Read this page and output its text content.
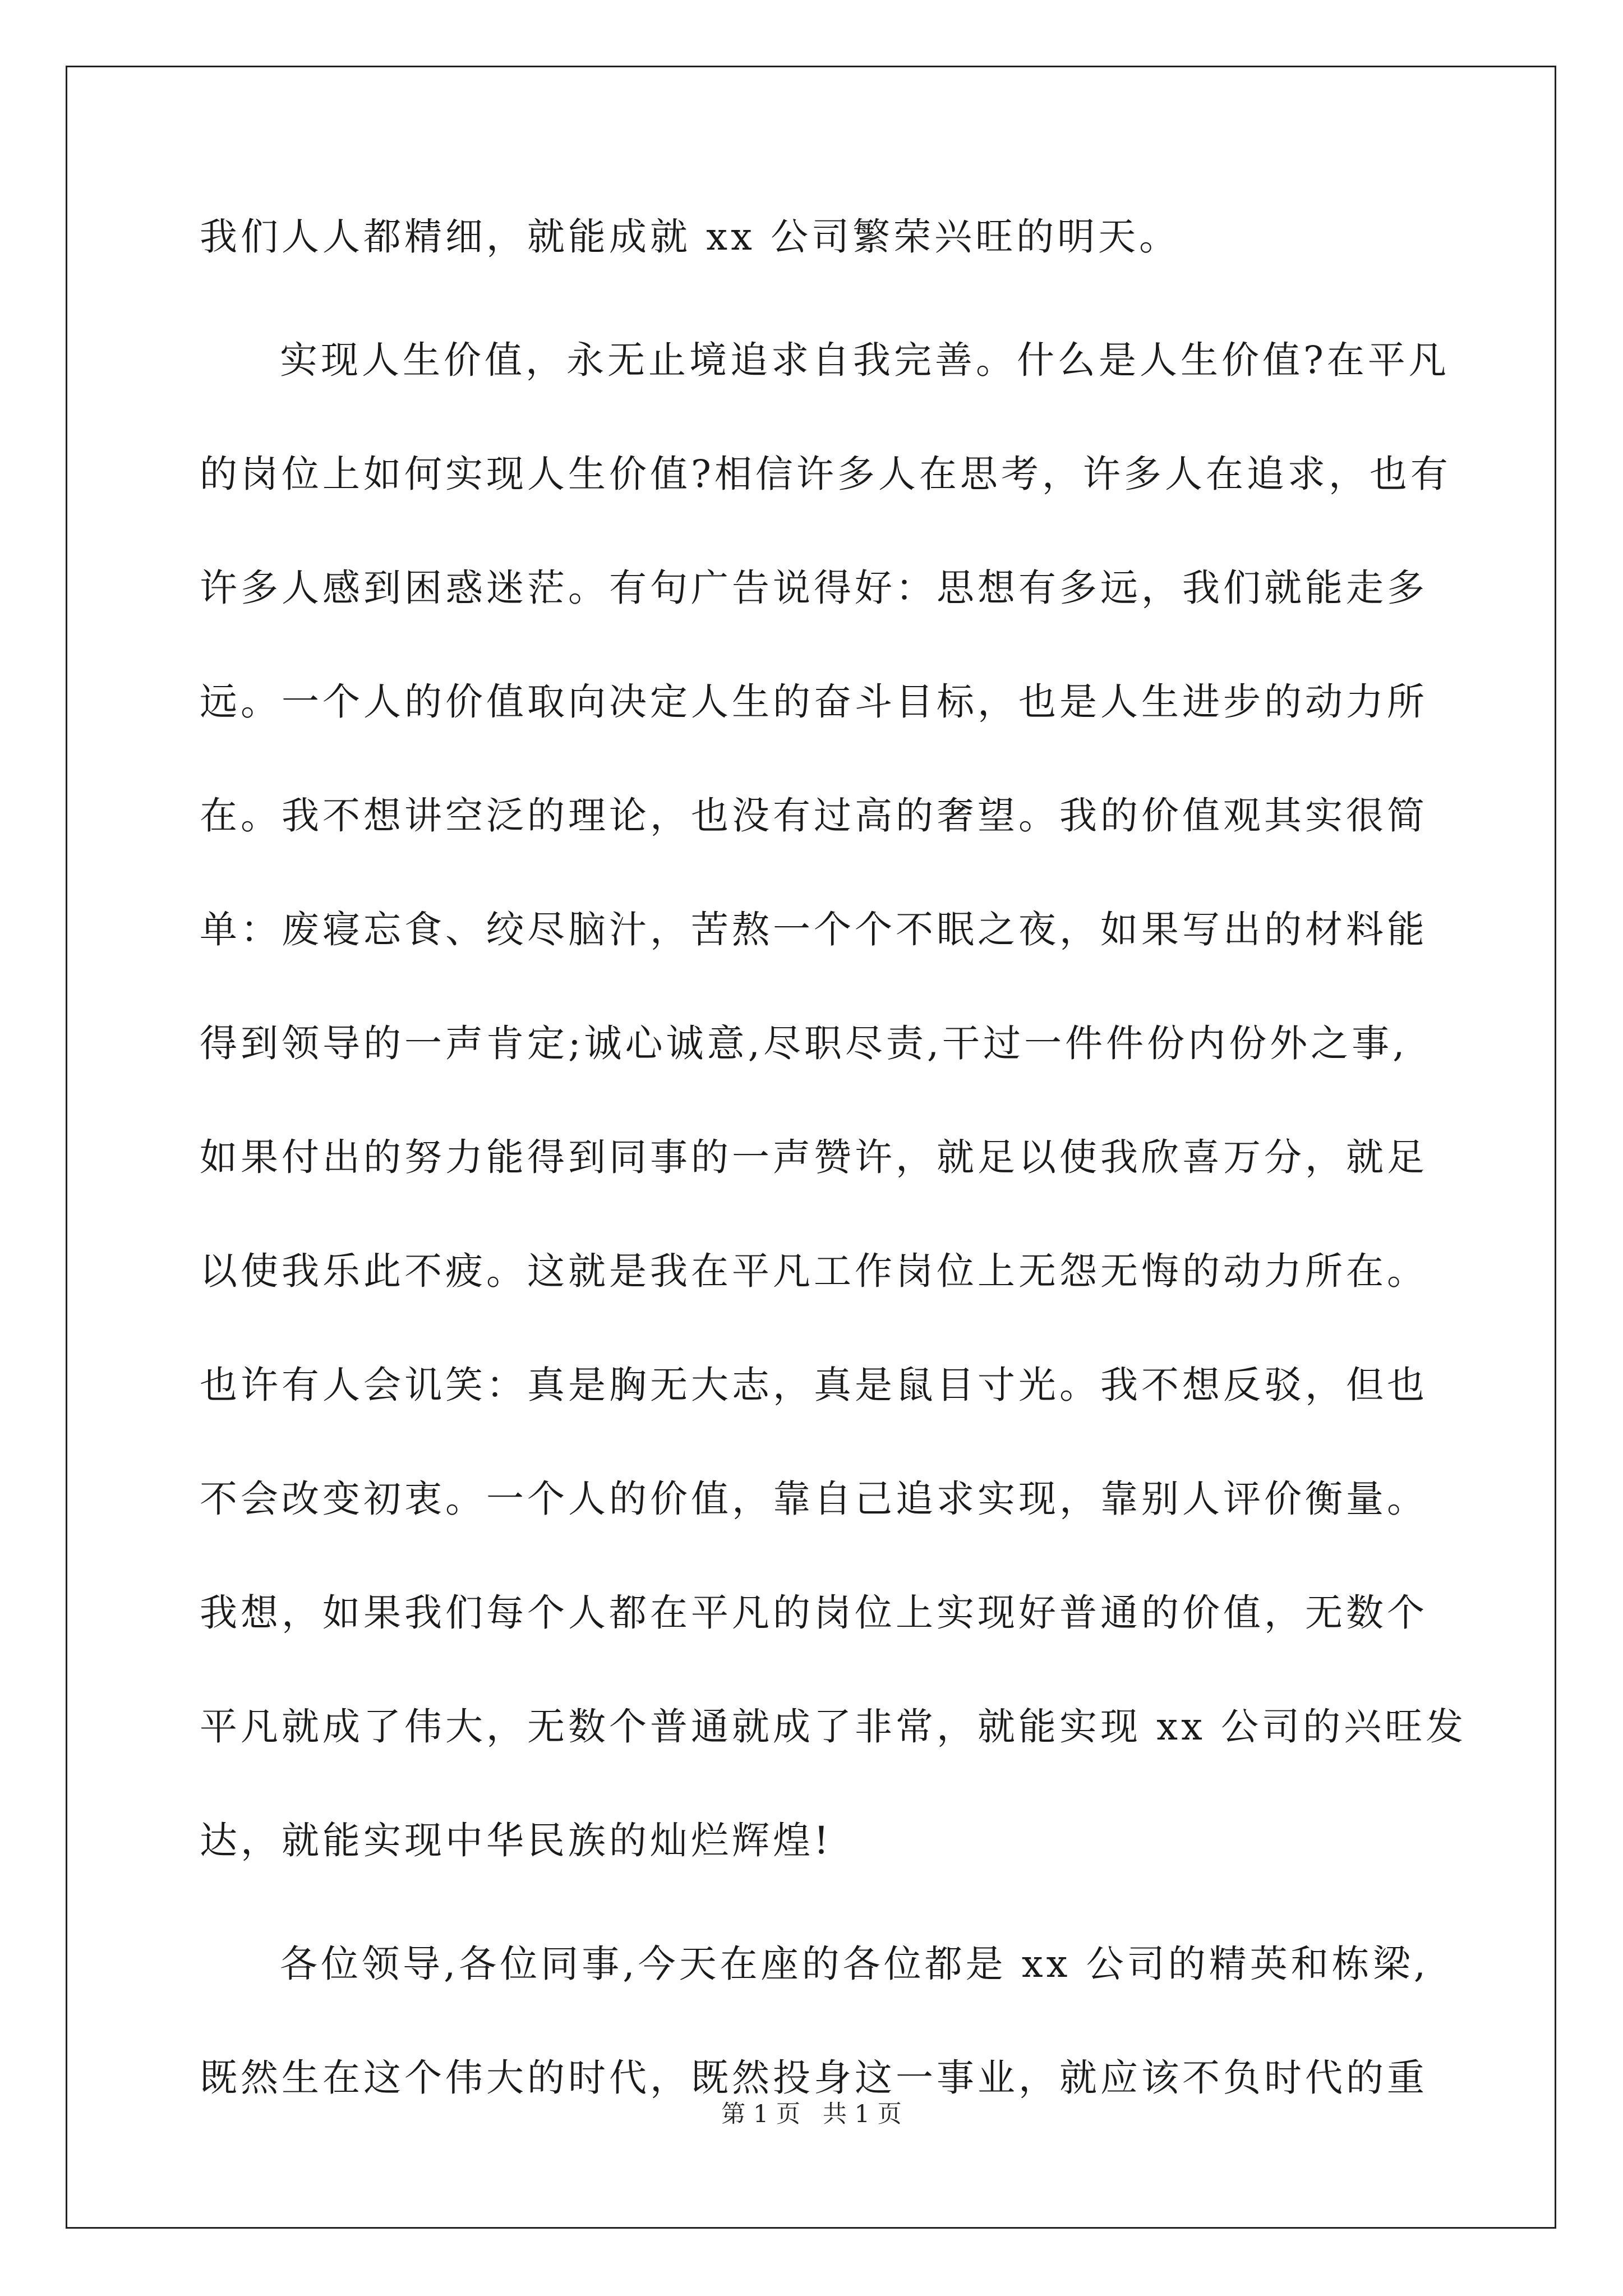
我们人人都精细，就能成就 xx 公司繁荣兴旺的明天。

实现人生价值，永无止境追求自我完善。什么是人生价值?在平凡

的岗位上如何实现人生价值?相信许多人在思考，许多人在追求，也有

许多人感到困惑迷茫。有句广告说得好：思想有多远，我们就能走多

远。一个人的价值取向决定人生的奋斗目标，也是人生进步的动力所

在。我不想讲空泛的理论，也没有过高的奢望。我的价值观其实很简

单：废寝忘食、绞尽脑汁，苦熬一个个不眠之夜，如果写出的材料能

得到领导的一声肯定;诚心诚意,尽职尽责,干过一件件份内份外之事,

如果付出的努力能得到同事的一声赞许，就足以使我欣喜万分，就足

以使我乐此不疲。这就是我在平凡工作岗位上无怨无悔的动力所在。

也许有人会讥笑：真是胸无大志，真是鼠目寸光。我不想反驳，但也

不会改变初衷。一个人的价值，靠自己追求实现，靠别人评价衡量。

我想，如果我们每个人都在平凡的岗位上实现好普通的价值，无数个

平凡就成了伟大，无数个普通就成了非常，就能实现 xx 公司的兴旺发

达，就能实现中华民族的灿烂辉煌!

各位领导,各位同事,今天在座的各位都是 xx 公司的精英和栋梁,

既然生在这个伟大的时代，既然投身这一事业，就应该不负时代的重

第 1 页 共 1 页
